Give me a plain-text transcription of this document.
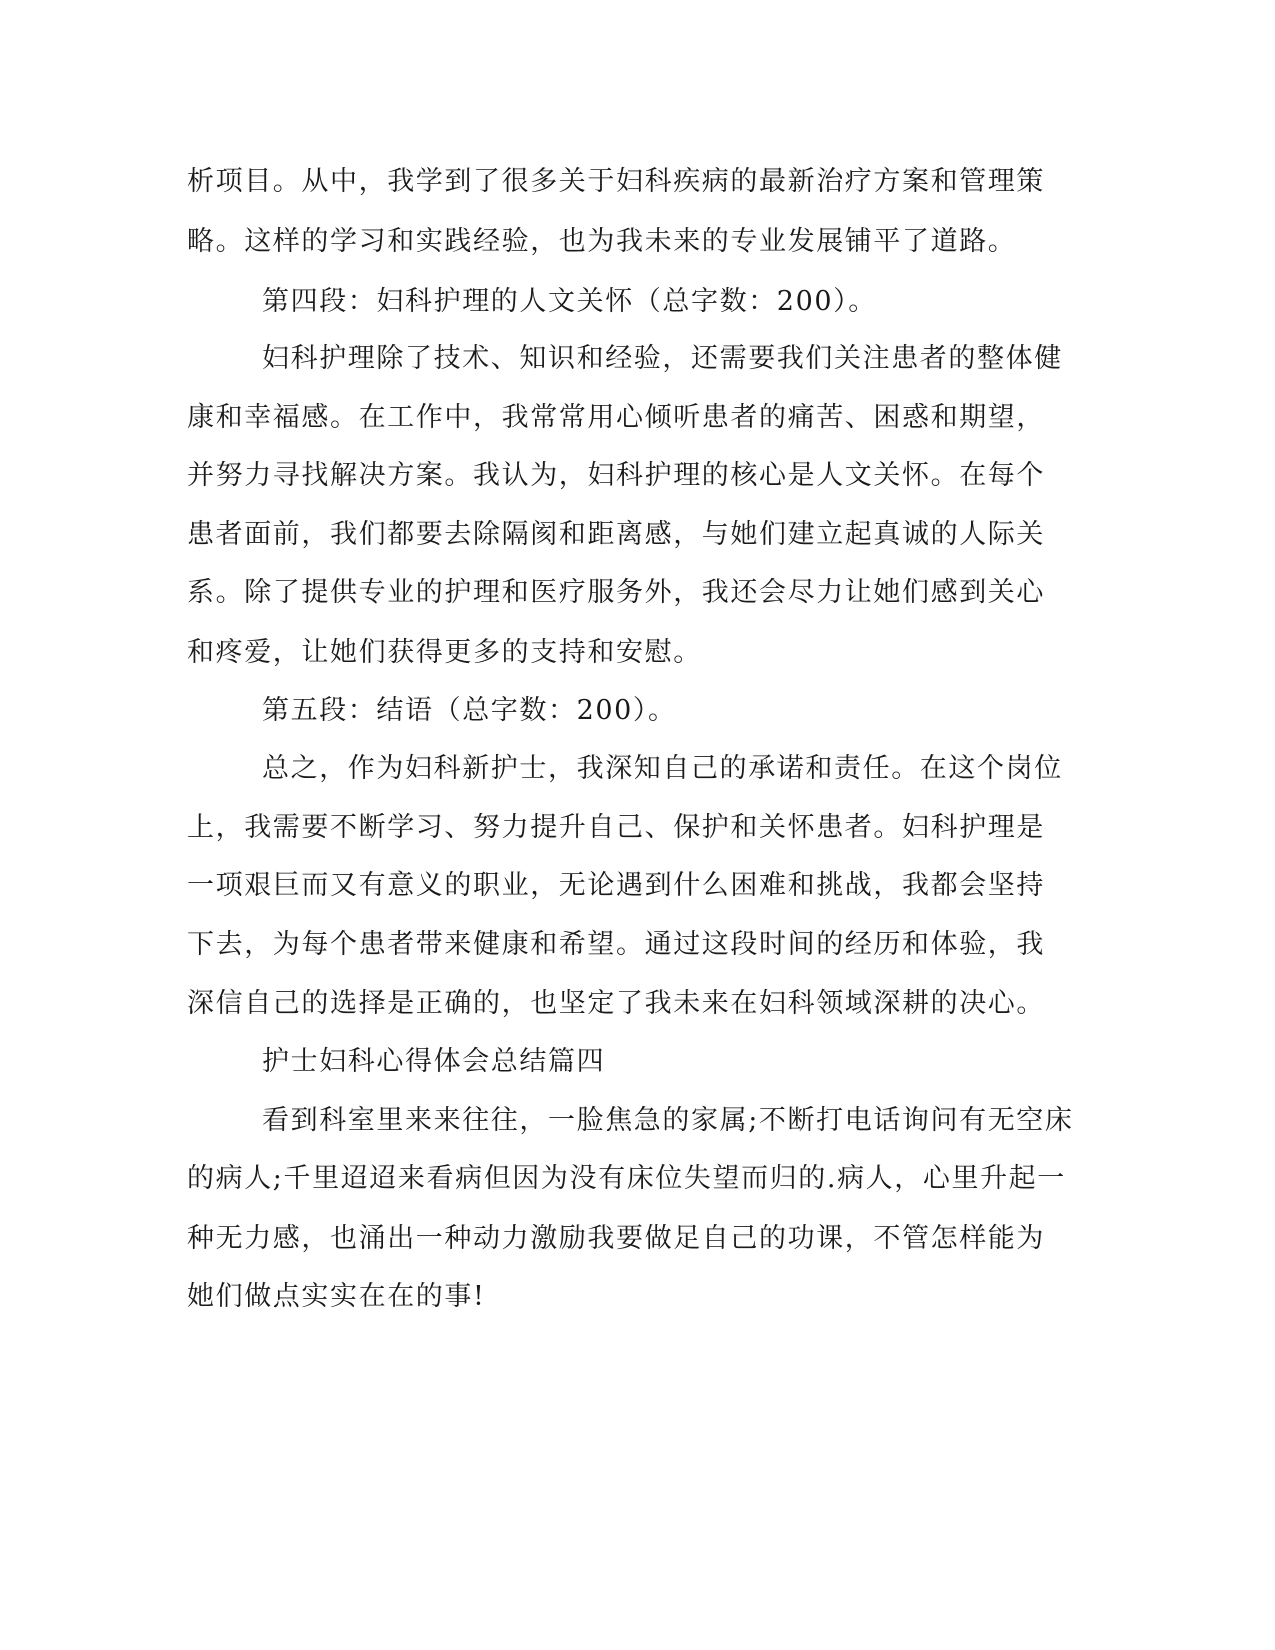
析项目。从中，我学到了很多关于妇科疾病的最新治疗方案和管理策
略。这样的学习和实践经验，也为我未来的专业发展铺平了道路。
第四段：妇科护理的人文关怀（总字数：200）。
妇科护理除了技术、知识和经验，还需要我们关注患者的整体健
康和幸福感。在工作中，我常常用心倾听患者的痛苦、困惑和期望，
并努力寻找解决方案。我认为，妇科护理的核心是人文关怀。在每个
患者面前，我们都要去除隔阂和距离感，与她们建立起真诚的人际关
系。除了提供专业的护理和医疗服务外，我还会尽力让她们感到关心
和疼爱，让她们获得更多的支持和安慰。
第五段：结语（总字数：200）。
总之，作为妇科新护士，我深知自己的承诺和责任。在这个岗位
上，我需要不断学习、努力提升自己、保护和关怀患者。妇科护理是
一项艰巨而又有意义的职业，无论遇到什么困难和挑战，我都会坚持
下去，为每个患者带来健康和希望。通过这段时间的经历和体验，我
深信自己的选择是正确的，也坚定了我未来在妇科领域深耕的决心。
护士妇科心得体会总结篇四
看到科室里来来往往，一脸焦急的家属;不断打电话询问有无空床
的病人;千里迢迢来看病但因为没有床位失望而归的.病人，心里升起一
种无力感，也涌出一种动力激励我要做足自己的功课，不管怎样能为
她们做点实实在在的事!
